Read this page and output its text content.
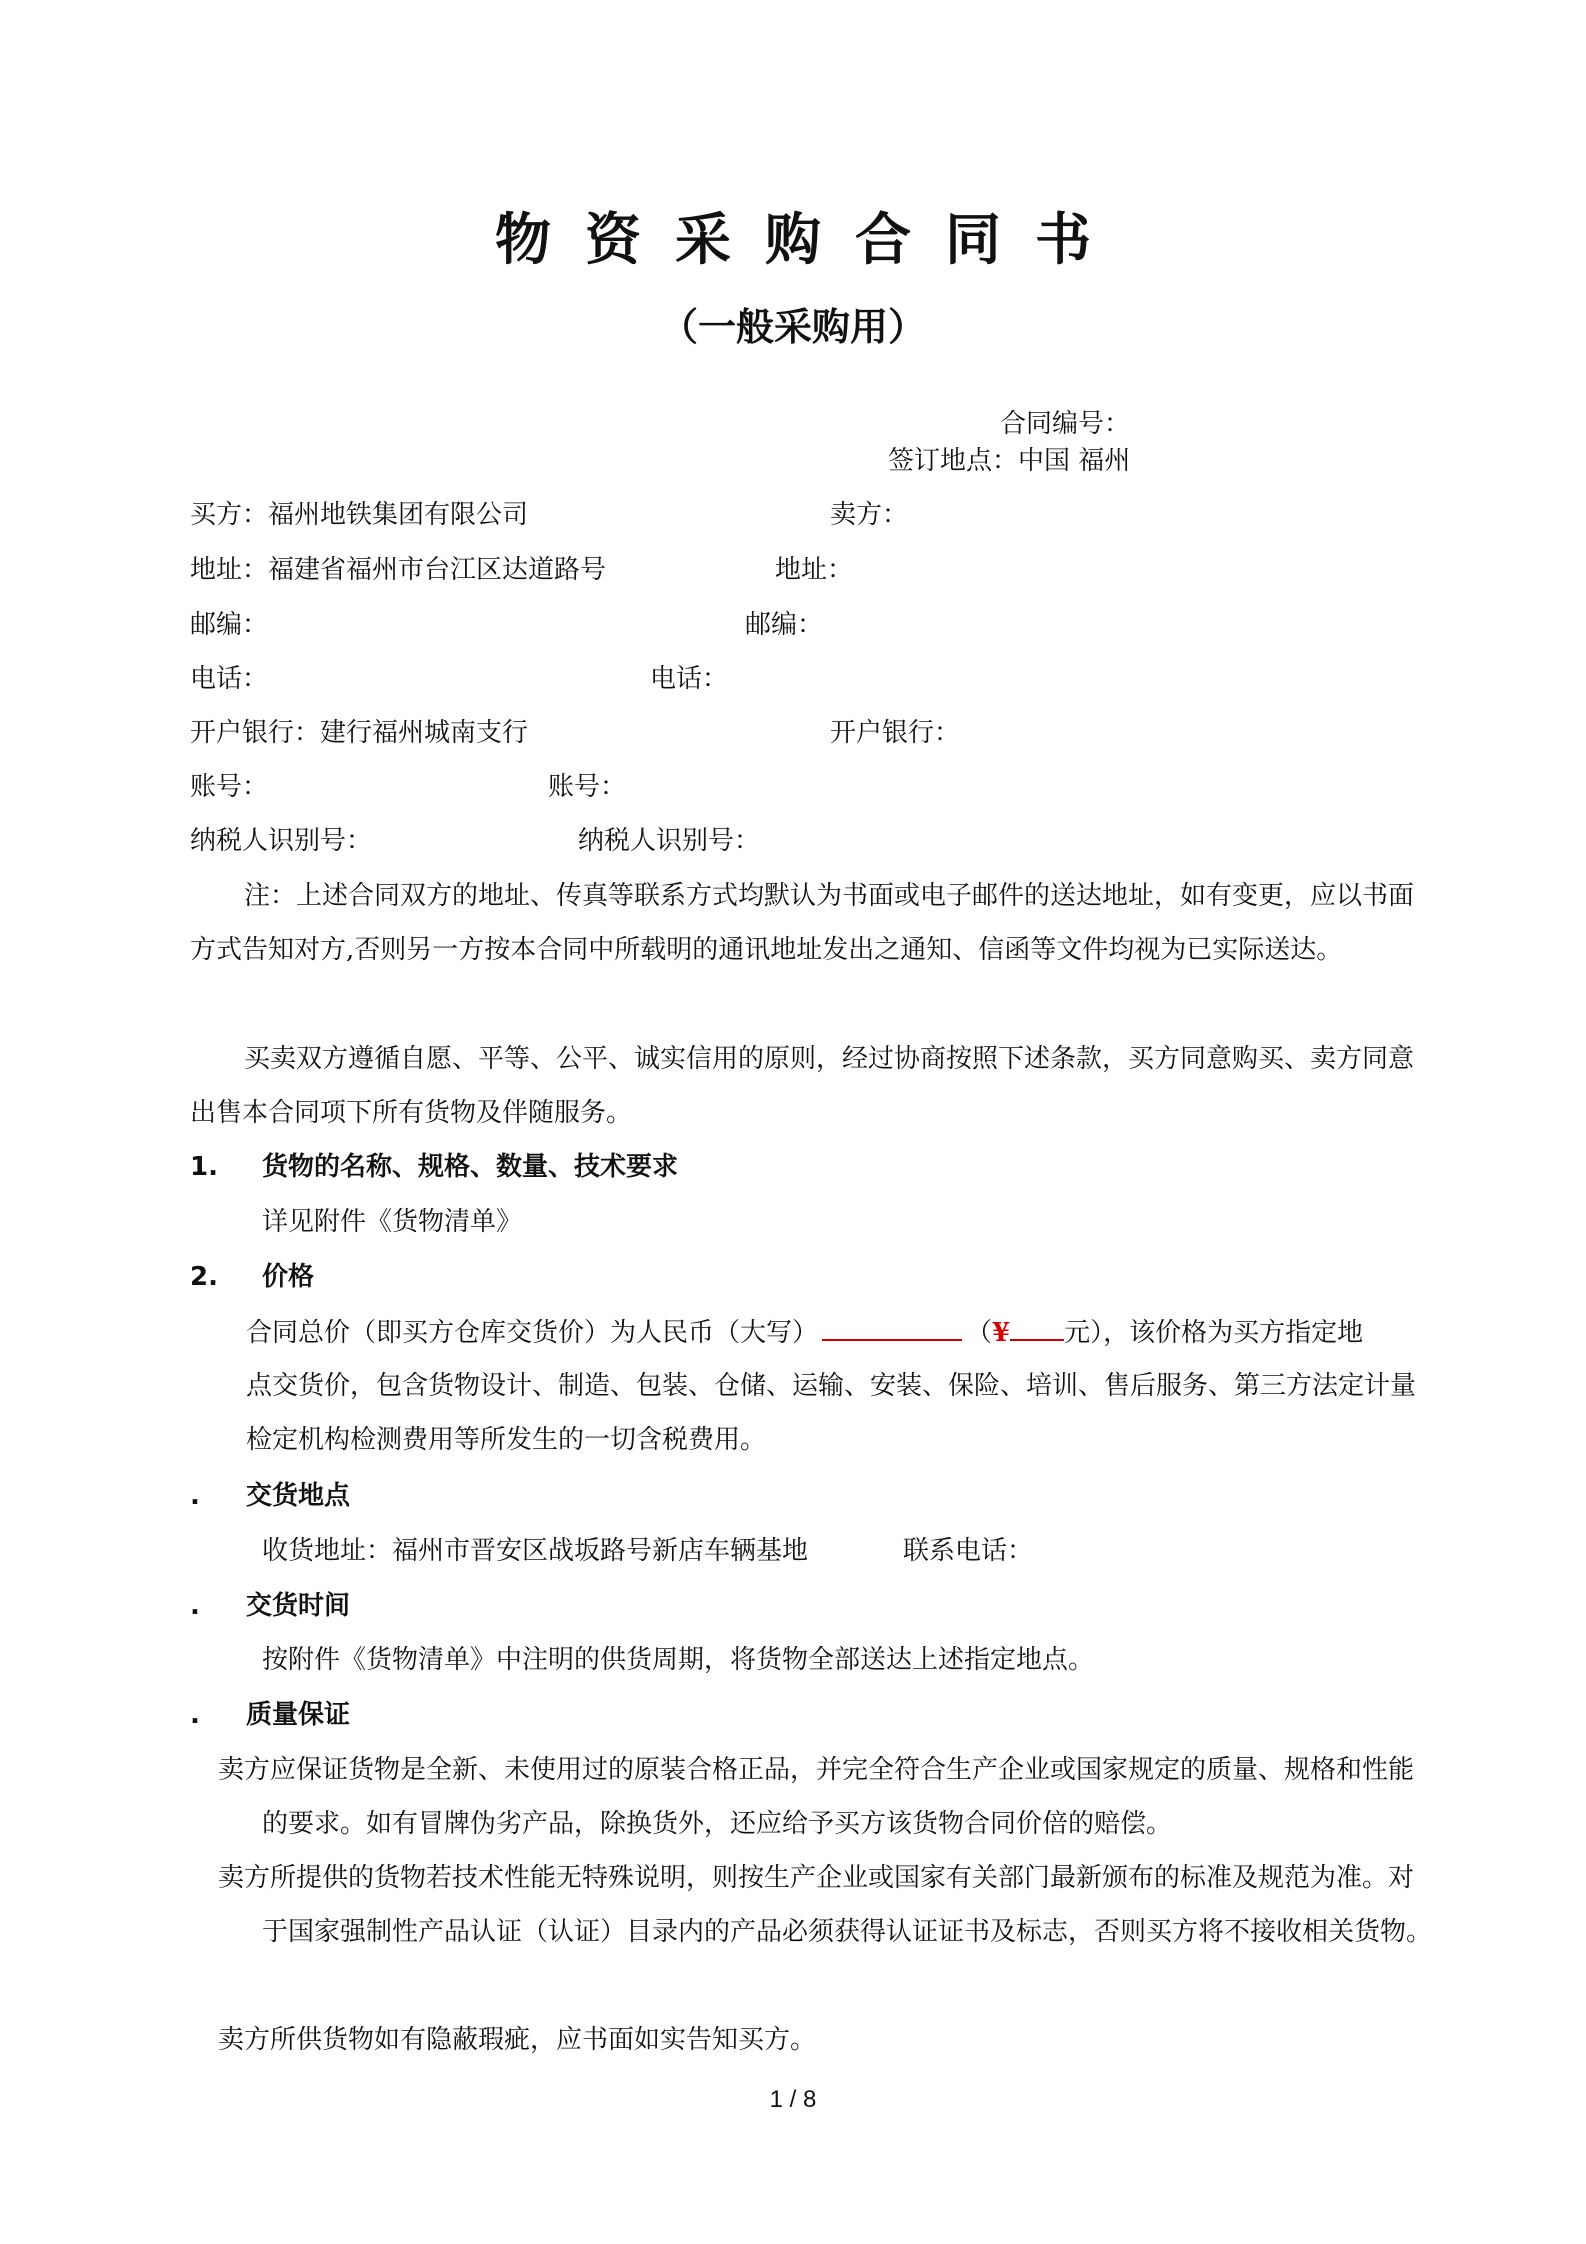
物资采购合同书
（一般采购用）
合同编号：
签订地点：中国 福州
买方：福州地铁集团有限公司	卖方：
地址：福建省福州市台江区达道路号	地址：
邮编：	邮编：
电话：	电话：
开户银行：建行福州城南支行	开户银行：
账号：	账号：
纳税人识别号：	纳税人识别号：
注：上述合同双方的地址、传真等联系方式均默认为书面或电子邮件的送达地址，如有变更，应以书面方式告知对方,否则另一方按本合同中所载明的通讯地址发出之通知、信函等文件均视为已实际送达。
买卖双方遵循自愿、平等、公平、诚实信用的原则，经过协商按照下述条款，买方同意购买、卖方同意出售本合同项下所有货物及伴随服务。
1. 货物的名称、规格、数量、技术要求
详见附件《货物清单》
2. 价格
合同总价（即买方仓库交货价）为人民币（大写）	（¥ 元），该价格为买方指定地
点交货价，包含货物设计、制造、包装、仓储、运输、安装、保险、培训、售后服务、第三方法定计量检定机构检测费用等所发生的一切含税费用。
. 交货地点
收货地址：福州市晋安区战坂路号新店车辆基地	联系电话：
. 交货时间
按附件《货物清单》中注明的供货周期，将货物全部送达上述指定地点。
. 质量保证
卖方应保证货物是全新、未使用过的原装合格正品，并完全符合生产企业或国家规定的质量、规格和性能的要求。如有冒牌伪劣产品，除换货外，还应给予买方该货物合同价倍的赔偿。
卖方所提供的货物若技术性能无特殊说明，则按生产企业或国家有关部门最新颁布的标准及规范为准。对于国家强制性产品认证（认证）目录内的产品必须获得认证证书及标志，否则买方将不接收相关货物。
卖方所供货物如有隐蔽瑕疵，应书面如实告知买方。
1 / 8
